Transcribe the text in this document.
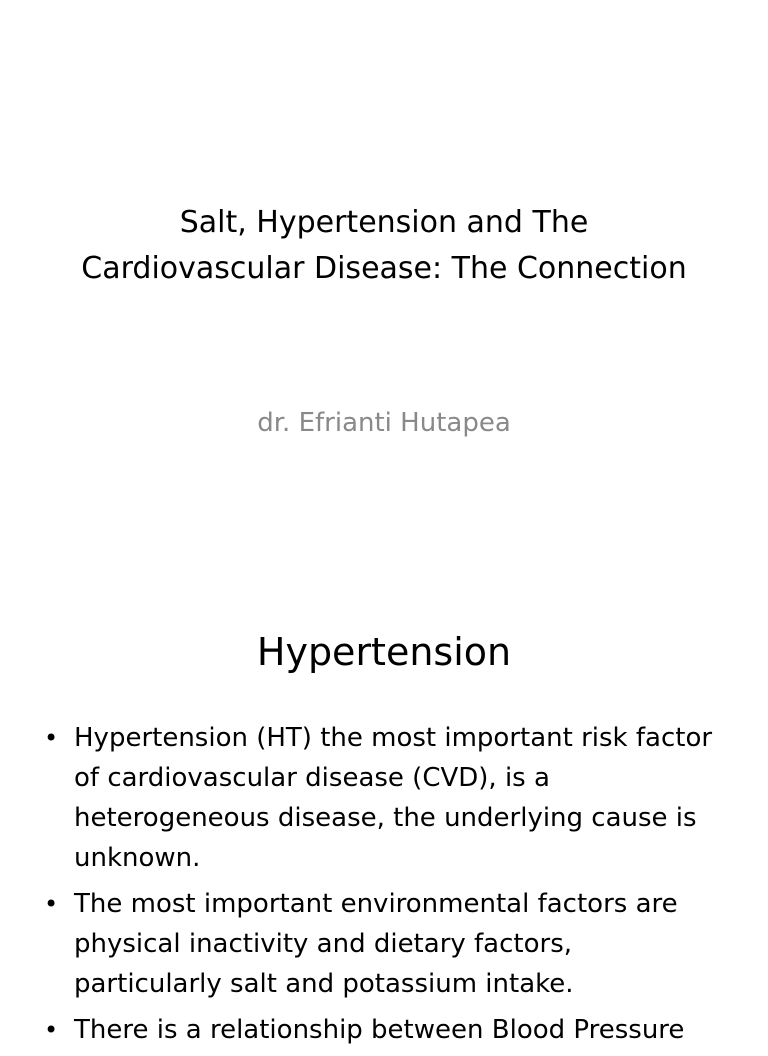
Salt, Hypertension and The
Cardiovascular Disease: The Connection
dr. Efrianti Hutapea
Hypertension
• Hypertension (HT) the most important risk factor of cardiovascular disease (CVD), is a heterogeneous disease, the underlying cause is unknown.
• The most important environmental factors are physical inactivity and dietary factors, particularly salt and potassium intake.
• There is a relationship between Blood Pressure
